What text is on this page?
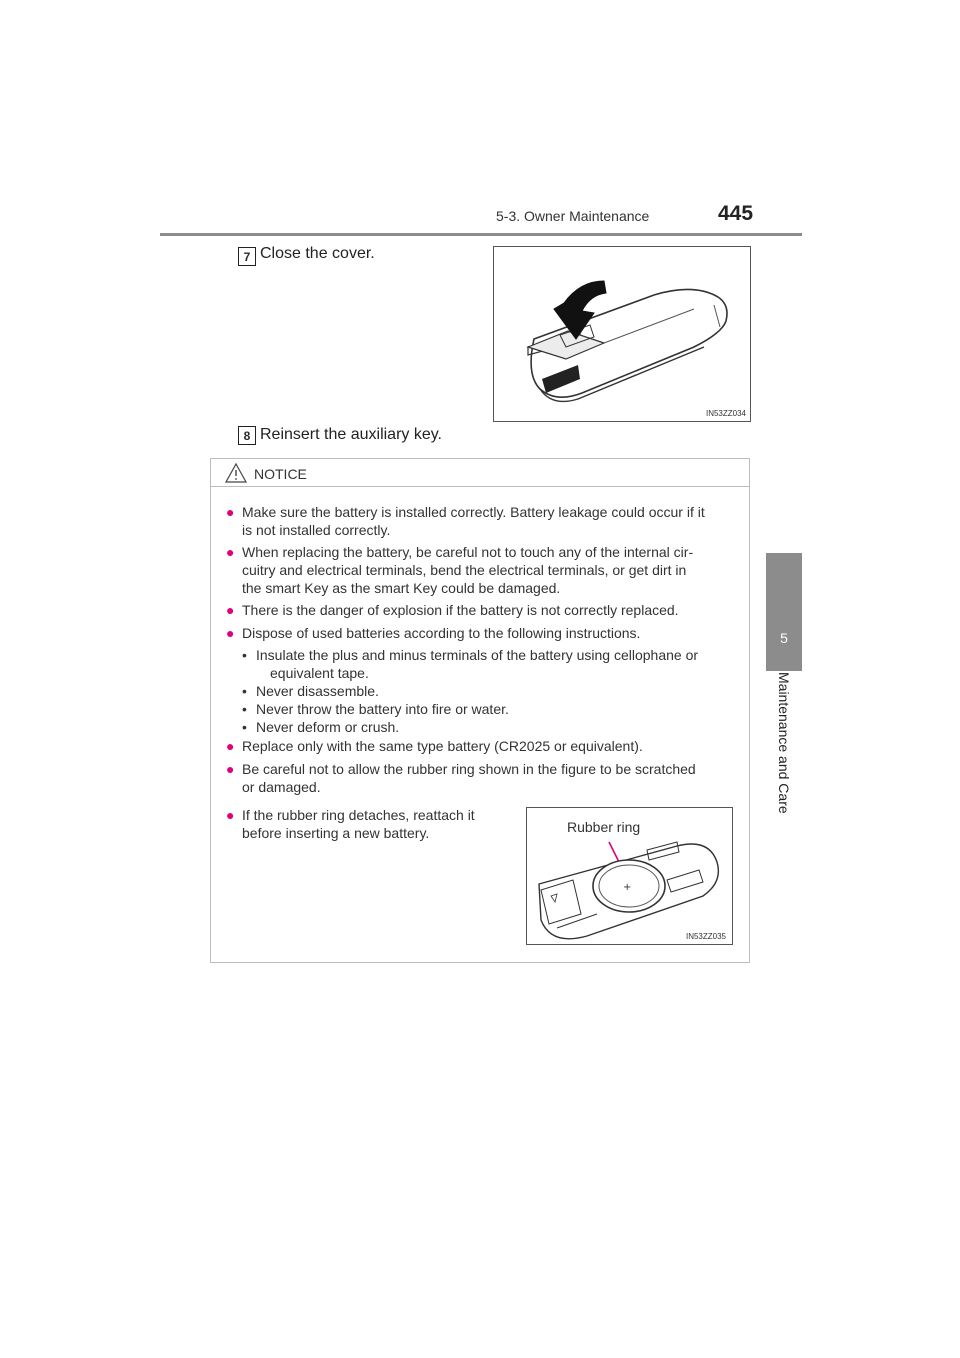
5-3. Owner Maintenance	445
5
Maintenance and Care
7 Close the cover.
IN53ZZ034
8 Reinsert the auxiliary key.
NOTICE
● Make sure the battery is installed correctly. Battery leakage could occur if it
is not installed correctly.
● When replacing the battery, be careful not to touch any of the internal cir-
cuitry and electrical terminals, bend the electrical terminals, or get dirt in
the smart Key as the smart Key could be damaged.
● There is the danger of explosion if the battery is not correctly replaced.
● Dispose of used batteries according to the following instructions.
• Insulate the plus and minus terminals of the battery using cellophane or
equivalent tape.
• Never disassemble.
• Never throw the battery into fire or water.
• Never deform or crush.
● Replace only with the same type battery (CR2025 or equivalent).
● Be careful not to allow the rubber ring shown in the figure to be scratched
or damaged.
● If the rubber ring detaches, reattach it
before inserting a new battery.	Rubber ring
+
IN53ZZ035
